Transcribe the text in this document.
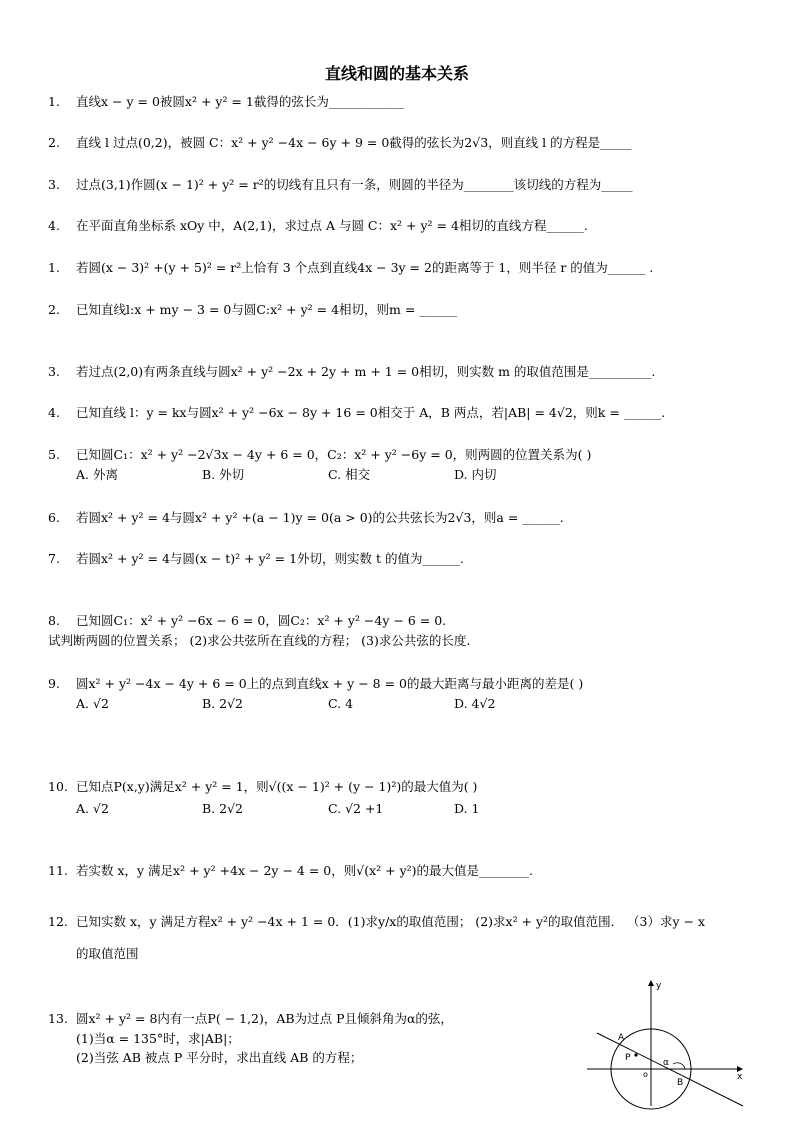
直线和圆的基本关系
1. 直线x − y = 0被圆x² + y² = 1截得的弦长为____________
2. 直线 l 过点(0,2)，被圆 C：x² + y² −4x − 6y + 9 = 0截得的弦长为2√3，则直线 l 的方程是_____
3. 过点(3,1)作圆(x − 1)² + y² = r²的切线有且只有一条，则圆的半径为________该切线的方程为_____
4. 在平面直角坐标系 xOy 中，A(2,1)，求过点 A 与圆 C：x² + y² = 4相切的直线方程______.
1. 若圆(x − 3)² +(y + 5)² = r²上恰有 3 个点到直线4x − 3y = 2的距离等于 1，则半径 r 的值为______ .
2. 已知直线l:x + my − 3 = 0与圆C:x² + y² = 4相切，则m = ______
3. 若过点(2,0)有两条直线与圆x² + y² −2x + 2y + m + 1 = 0相切，则实数 m 的取值范围是__________.
4. 已知直线 l：y = kx与圆x² + y² −6x − 8y + 16 = 0相交于 A，B 两点，若|AB| = 4√2，则k = ______.
5. 已知圆C₁：x² + y² −2√3x − 4y + 6 = 0，C₂：x² + y² −6y = 0，则两圆的位置关系为( )
A. 外离	B. 外切	C. 相交	D. 内切
6. 若圆x² + y² = 4与圆x² + y² +(a − 1)y = 0(a > 0)的公共弦长为2√3，则a = ______.
7. 若圆x² + y² = 4与圆(x − t)² + y² = 1外切，则实数 t 的值为______.
8. 已知圆C₁：x² + y² −6x − 6 = 0，圆C₂：x² + y² −4y − 6 = 0.
试判断两圆的位置关系； (2)求公共弦所在直线的方程； (3)求公共弦的长度.
9. 圆x² + y² −4x − 4y + 6 = 0上的点到直线x + y − 8 = 0的最大距离与最小距离的差是( )
A. √2	B. 2√2	C. 4	D. 4√2
10. 已知点P(x,y)满足x² + y² = 1，则√((x − 1)² + (y − 1)²)的最大值为( )
A. √2	B. 2√2	C. √2 +1	D. 1
11. 若实数 x，y 满足x² + y² +4x − 2y − 4 = 0，则√(x² + y²)的最大值是________.
12. 已知实数 x，y 满足方程x² + y² −4x + 1 = 0．(1)求y/x的取值范围； (2)求x² + y²的取值范围． （3）求y − x
的取值范围
13. 圆x² + y² = 8内有一点P( − 1,2)，AB为过点 P且倾斜角为α的弦，
(1)当α = 135°时，求|AB|；
(2)当弦 AB 被点 P 平分时，求出直线 AB 的方程；
y
x
A
B
P
o
α
